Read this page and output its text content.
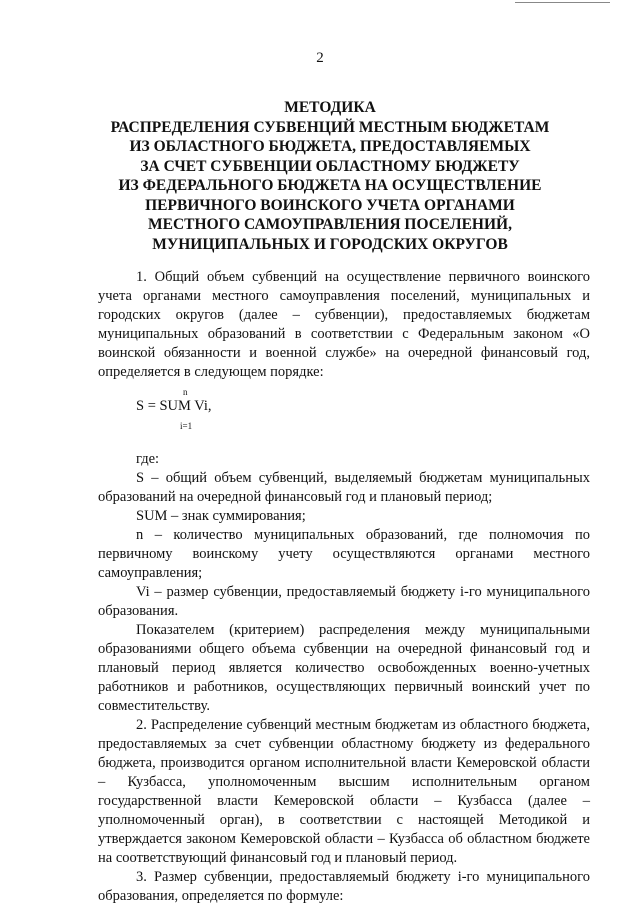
2
МЕТОДИКА
РАСПРЕДЕЛЕНИЯ СУБВЕНЦИЙ МЕСТНЫМ БЮДЖЕТАМ
ИЗ ОБЛАСТНОГО БЮДЖЕТА, ПРЕДОСТАВЛЯЕМЫХ
ЗА СЧЕТ СУБВЕНЦИИ ОБЛАСТНОМУ БЮДЖЕТУ
ИЗ ФЕДЕРАЛЬНОГО БЮДЖЕТА НА ОСУЩЕСТВЛЕНИЕ
ПЕРВИЧНОГО ВОИНСКОГО УЧЕТА ОРГАНАМИ
МЕСТНОГО САМОУПРАВЛЕНИЯ ПОСЕЛЕНИЙ,
МУНИЦИПАЛЬНЫХ И ГОРОДСКИХ ОКРУГОВ

1. Общий объем субвенций на осуществление первичного воинского учета органами местного самоуправления поселений, муниципальных и городских округов (далее – субвенции), предоставляемых бюджетам муниципальных образований в соответствии с Федеральным законом «О воинской обязанности и военной службе» на очередной финансовый год, определяется в следующем порядке:

n
S = SUM Vi,
i=1

где:

S – общий объем субвенций, выделяемый бюджетам муниципальных образований на очередной финансовый год и плановый период;

SUM – знак суммирования;

n – количество муниципальных образований, где полномочия по первичному воинскому учету осуществляются органами местного самоуправления;

Vi – размер субвенции, предоставляемый бюджету i-го муниципального образования.

Показателем (критерием) распределения между муниципальными образованиями общего объема субвенции на очередной финансовый год и плановый период является количество освобожденных военно-учетных работников и работников, осуществляющих первичный воинский учет по совместительству.

2. Распределение субвенций местным бюджетам из областного бюджета, предоставляемых за счет субвенции областному бюджету из федерального бюджета, производится органом исполнительной власти Кемеровской области – Кузбасса, уполномоченным высшим исполнительным органом государственной власти Кемеровской области – Кузбасса (далее – уполномоченный орган), в соответствии с настоящей Методикой и утверждается законом Кемеровской области – Кузбасса об областном бюджете на соответствующий финансовый год и плановый период.

3. Размер субвенции, предоставляемый бюджету i-го муниципального образования, определяется по формуле:
